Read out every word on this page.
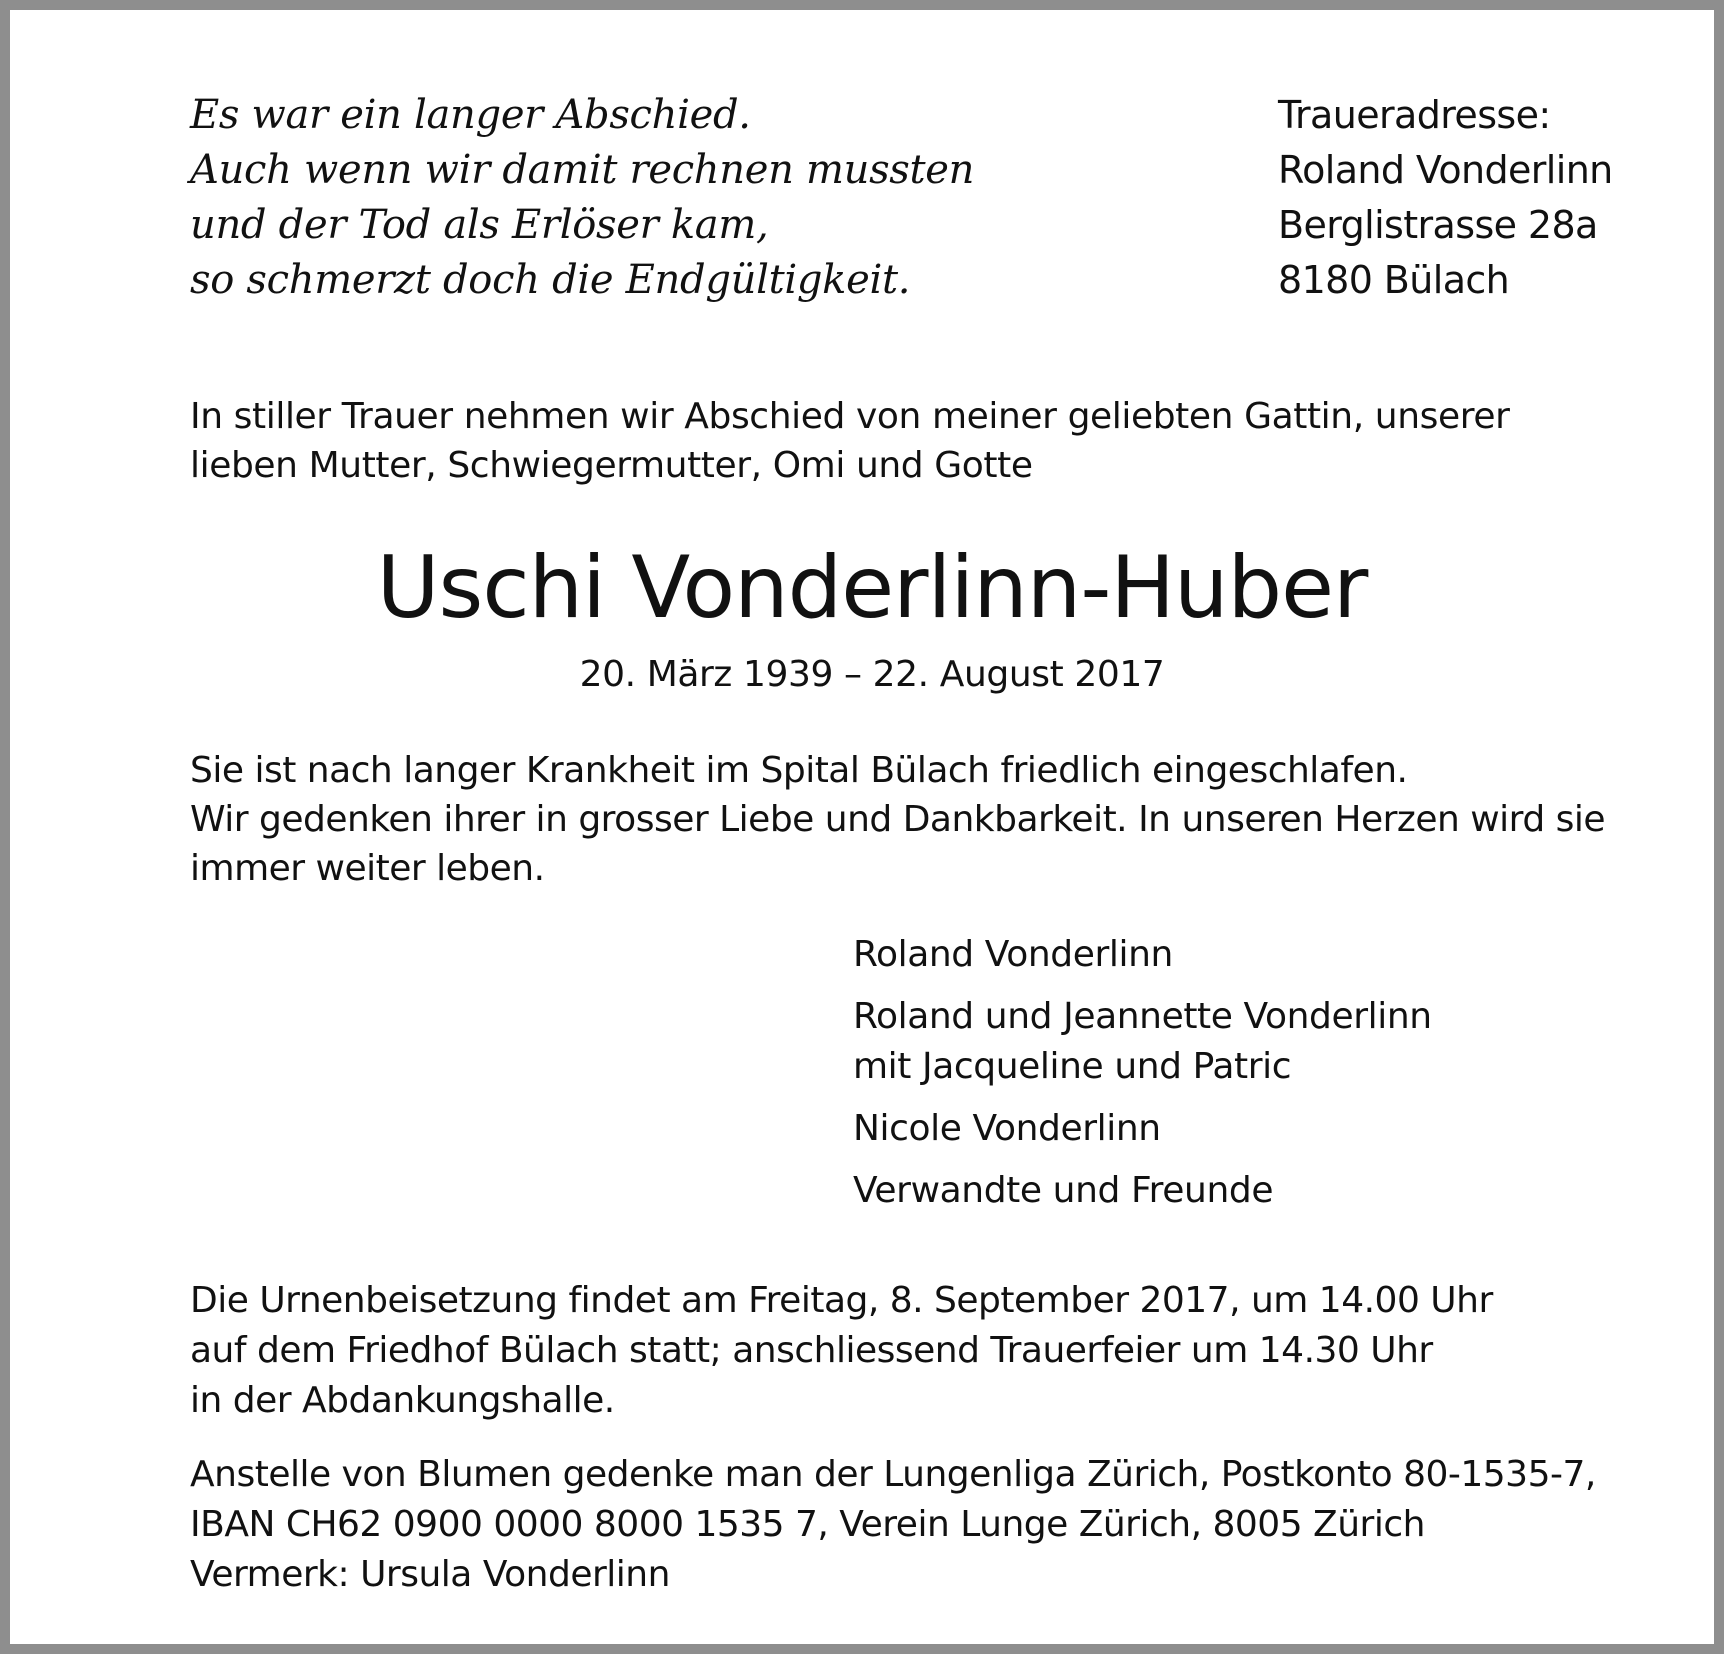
Es war ein langer Abschied.
Auch wenn wir damit rechnen mussten
und der Tod als Erlöser kam,
so schmerzt doch die Endgültigkeit.
Traueradresse:
Roland Vonderlinn
Berglistrasse 28a
8180 Bülach
In stiller Trauer nehmen wir Abschied von meiner geliebten Gattin, unserer
lieben Mutter, Schwiegermutter, Omi und Gotte
Uschi Vonderlinn-Huber
20. März 1939 – 22. August 2017
Sie ist nach langer Krankheit im Spital Bülach friedlich eingeschlafen.
Wir gedenken ihrer in grosser Liebe und Dankbarkeit. In unseren Herzen wird sie
immer weiter leben.
Roland Vonderlinn
Roland und Jeannette Vonderlinn
mit Jacqueline und Patric
Nicole Vonderlinn
Verwandte und Freunde
Die Urnenbeisetzung findet am Freitag, 8. September 2017, um 14.00 Uhr
auf dem Friedhof Bülach statt; anschliessend Trauerfeier um 14.30 Uhr
in der Abdankungshalle.
Anstelle von Blumen gedenke man der Lungenliga Zürich, Postkonto 80-1535-7,
IBAN CH62 0900 0000 8000 1535 7, Verein Lunge Zürich, 8005 Zürich
Vermerk: Ursula Vonderlinn
